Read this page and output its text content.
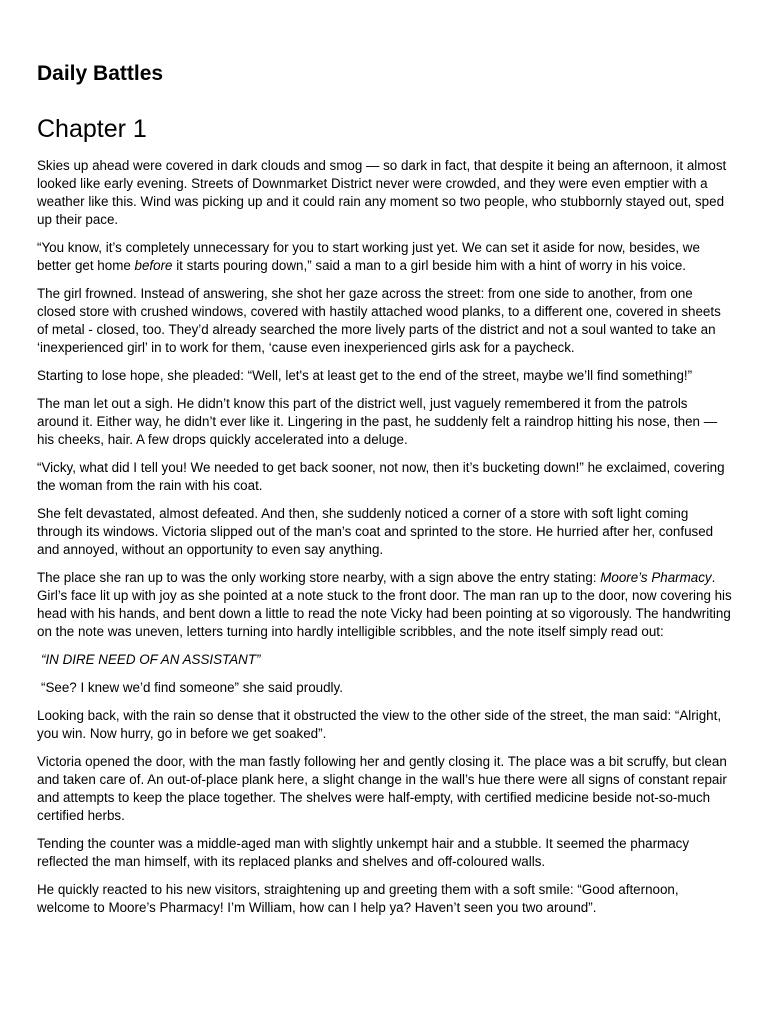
Daily Battles
Chapter 1

Skies up ahead were covered in dark clouds and smog — so dark in fact, that despite it being an afternoon, it almost looked like early evening. Streets of Downmarket District never were crowded, and they were even emptier with a weather like this. Wind was picking up and it could rain any moment so two people, who stubbornly stayed out, sped up their pace.

“You know, it’s completely unnecessary for you to start working just yet. We can set it aside for now, besides, we better get home before it starts pouring down,” said a man to a girl beside him with a hint of worry in his voice.

The girl frowned. Instead of answering, she shot her gaze across the street: from one side to another, from one closed store with crushed windows, covered with hastily attached wood planks, to a different one, covered in sheets of metal - closed, too. They’d already searched the more lively parts of the district and not a soul wanted to take an ‘inexperienced girl’ in to work for them, ‘cause even inexperienced girls ask for a paycheck.

Starting to lose hope, she pleaded: “Well, let's at least get to the end of the street, maybe we’ll find something!”

The man let out a sigh. He didn’t know this part of the district well, just vaguely remembered it from the patrols around it. Either way, he didn’t ever like it. Lingering in the past, he suddenly felt a raindrop hitting his nose, then — his cheeks, hair. A few drops quickly accelerated into a deluge.

“Vicky, what did I tell you! We needed to get back sooner, not now, then it’s bucketing down!” he exclaimed, covering the woman from the rain with his coat.

She felt devastated, almost defeated. And then, she suddenly noticed a corner of a store with soft light coming through its windows. Victoria slipped out of the man’s coat and sprinted to the store. He hurried after her, confused and annoyed, without an opportunity to even say anything.

The place she ran up to was the only working store nearby, with a sign above the entry stating: Moore’s Pharmacy. Girl’s face lit up with joy as she pointed at a note stuck to the front door. The man ran up to the door, now covering his head with his hands, and bent down a little to read the note Vicky had been pointing at so vigorously. The handwriting on the note was uneven, letters turning into hardly intelligible scribbles, and the note itself simply read out:

“IN DIRE NEED OF AN ASSISTANT”

“See? I knew we’d find someone” she said proudly.

Looking back, with the rain so dense that it obstructed the view to the other side of the street, the man said: “Alright, you win. Now hurry, go in before we get soaked”.

Victoria opened the door, with the man fastly following her and gently closing it. The place was a bit scruffy, but clean and taken care of. An out-of-place plank here, a slight change in the wall’s hue there were all signs of constant repair and attempts to keep the place together. The shelves were half-empty, with certified medicine beside not-so-much certified herbs.

Tending the counter was a middle-aged man with slightly unkempt hair and a stubble. It seemed the pharmacy reflected the man himself, with its replaced planks and shelves and off-coloured walls.

He quickly reacted to his new visitors, straightening up and greeting them with a soft smile: “Good afternoon, welcome to Moore’s Pharmacy! I’m William, how can I help ya? Haven’t seen you two around”.
